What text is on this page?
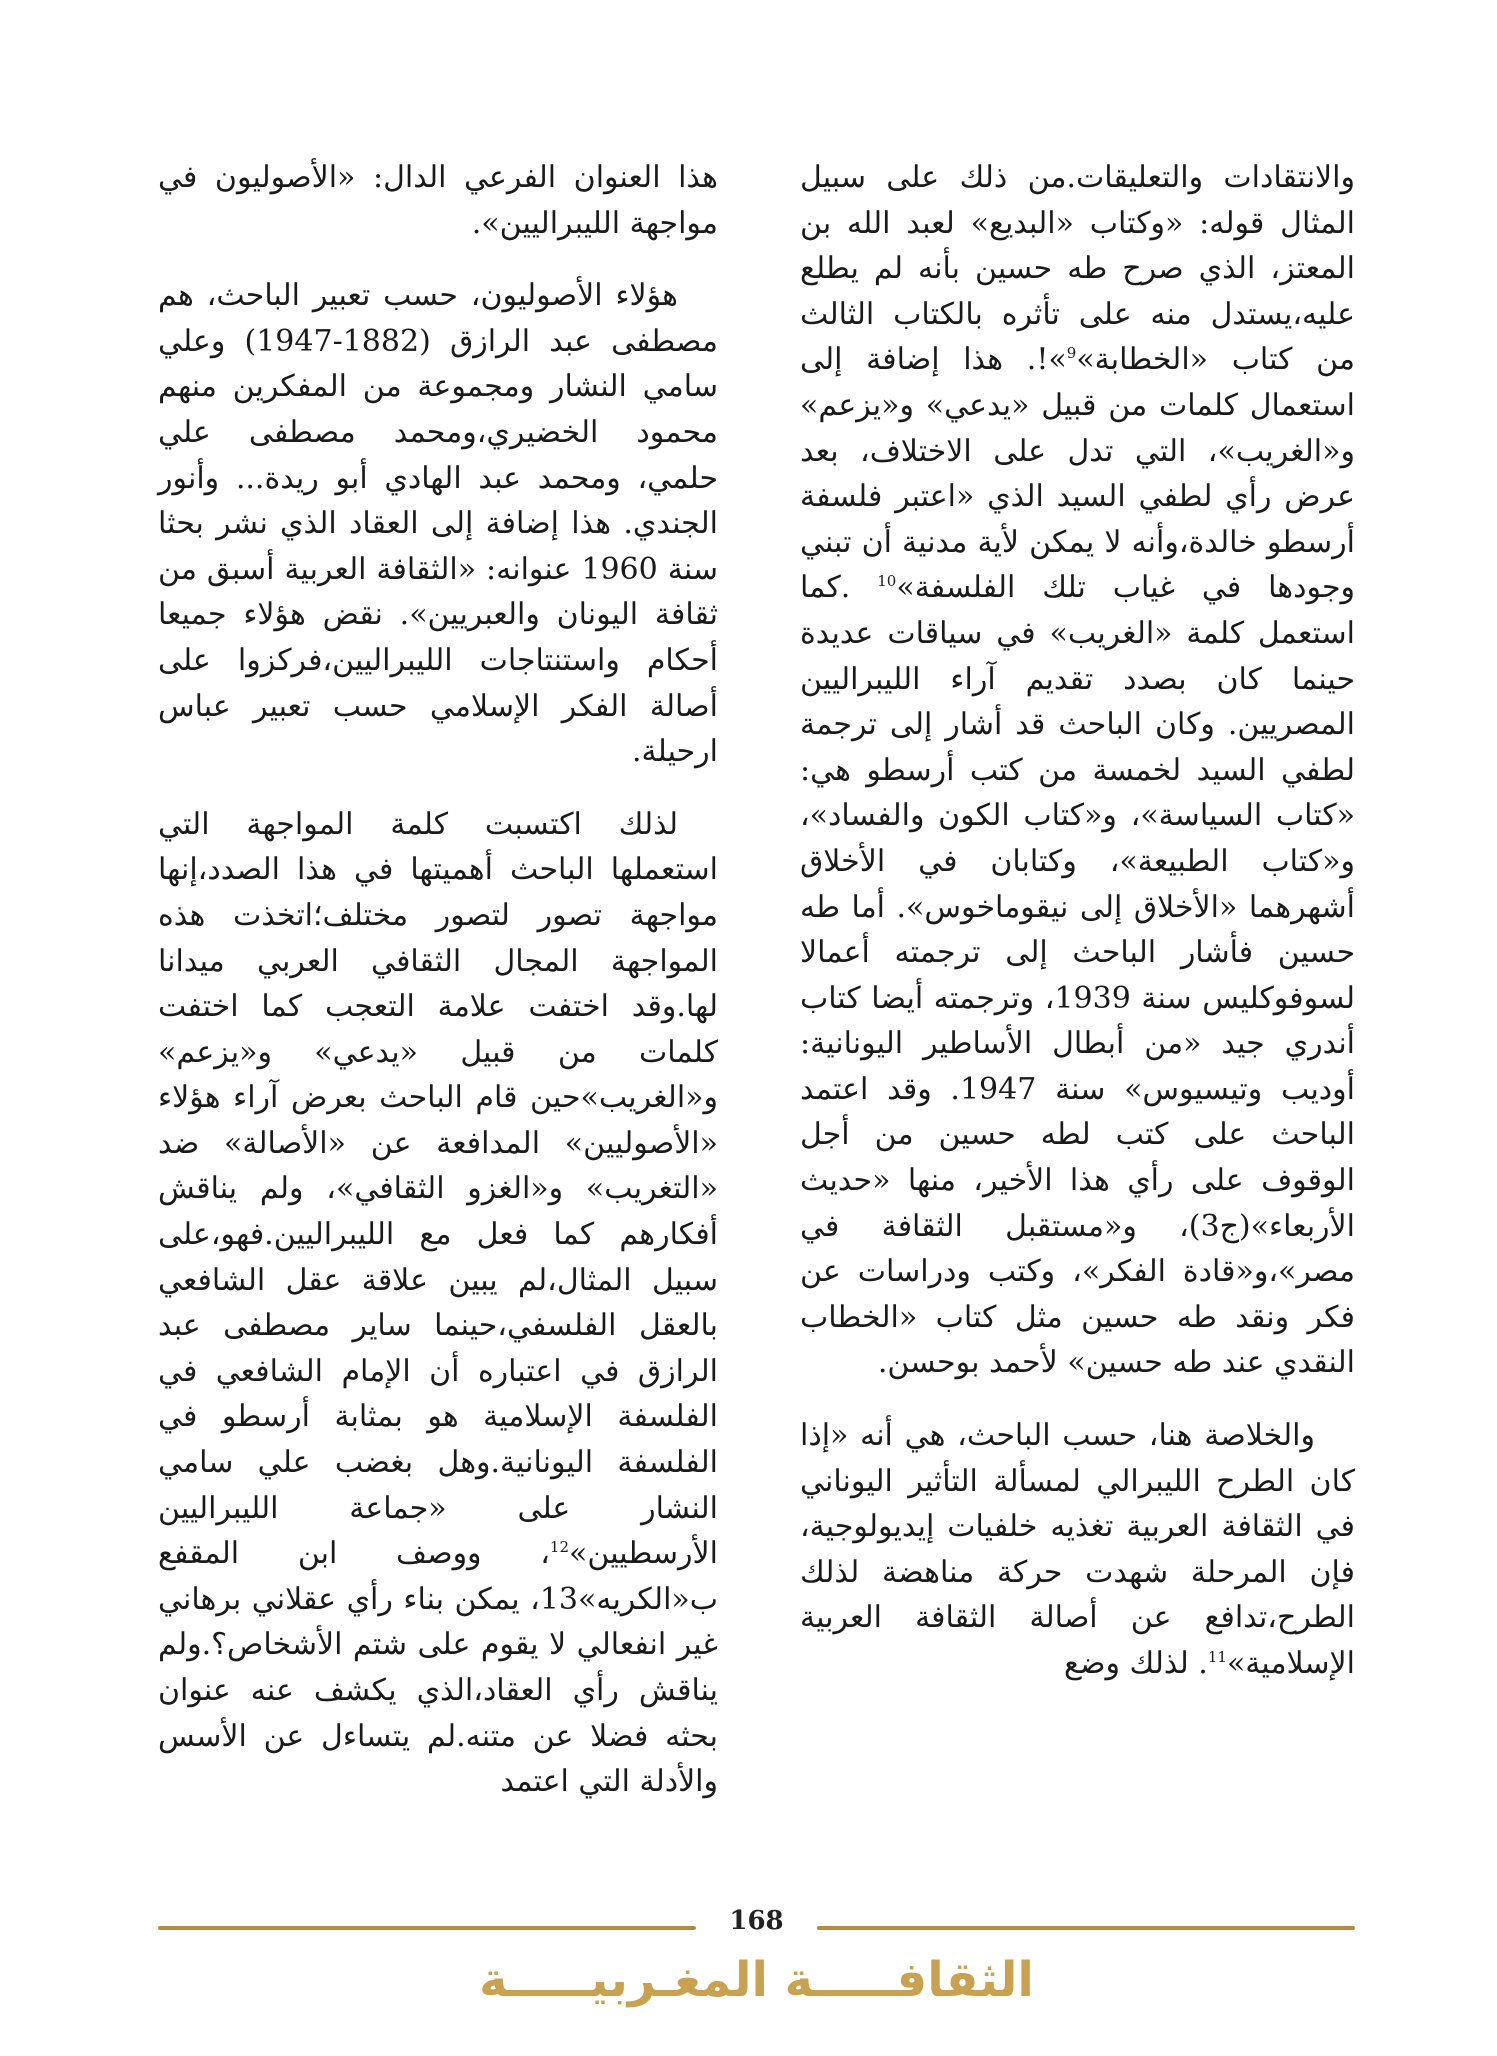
والانتقادات والتعليقات.من ذلك على سبيل المثال قوله: «وكتاب «البديع» لعبد الله بن المعتز، الذي صرح طه حسين بأنه لم يطلع عليه،يستدل منه على تأثره بالكتاب الثالث من كتاب «الخطابة»$^9$»!. هذا إضافة إلى استعمال كلمات من قبيل «يدعي» و«يزعم» و«الغريب»، التي تدل على الاختلاف، بعد عرض رأي لطفي السيد الذي «اعتبر فلسفة أرسطو خالدة،وأنه لا يمكن لأية مدنية أن تبني وجودها في غياب تلك الفلسفة»$^{10}$ .كما استعمل كلمة «الغريب» في سياقات عديدة حينما كان بصدد تقديم آراء الليبراليين المصريين. وكان الباحث قد أشار إلى ترجمة لطفي السيد لخمسة من كتب أرسطو هي: «كتاب السياسة»، و«كتاب الكون والفساد»، و«كتاب الطبيعة»، وكتابان في الأخلاق أشهرهما «الأخلاق إلى نيقوماخوس». أما طه حسين فأشار الباحث إلى ترجمته أعمالا لسوفوكليس سنة 1939، وترجمته أيضا كتاب أندري جيد «من أبطال الأساطير اليونانية: أوديب وتيسيوس» سنة 1947. وقد اعتمد الباحث على كتب لطه حسين من أجل الوقوف على رأي هذا الأخير، منها «حديث الأربعاء»(ج3)، و«مستقبل الثقافة في مصر»،و«قادة الفكر»، وكتب ودراسات عن فكر ونقد طه حسين مثل كتاب «الخطاب النقدي عند طه حسين» لأحمد بوحسن.

والخلاصة هنا، حسب الباحث، هي أنه «إذا كان الطرح الليبرالي لمسألة التأثير اليوناني في الثقافة العربية تغذيه خلفيات إيديولوجية، فإن المرحلة شهدت حركة مناهضة لذلك الطرح،تدافع عن أصالة الثقافة العربية الإسلامية»$^{11}$. لذلك وضع

هذا العنوان الفرعي الدال: «الأصوليون في مواجهة الليبراليين».

هؤلاء الأصوليون، حسب تعبير الباحث، هم مصطفى عبد الرازق (1882-1947) وعلي سامي النشار ومجموعة من المفكرين منهم محمود الخضيري،ومحمد مصطفى علي حلمي، ومحمد عبد الهادي أبو ريدة... وأنور الجندي. هذا إضافة إلى العقاد الذي نشر بحثا سنة 1960 عنوانه: «الثقافة العربية أسبق من ثقافة اليونان والعبريين». نقض هؤلاء جميعا أحكام واستنتاجات الليبراليين،فركزوا على أصالة الفكر الإسلامي حسب تعبير عباس ارحيلة.

لذلك اكتسبت كلمة المواجهة التي استعملها الباحث أهميتها في هذا الصدد،إنها مواجهة تصور لتصور مختلف؛اتخذت هذه المواجهة المجال الثقافي العربي ميدانا لها.وقد اختفت علامة التعجب كما اختفت كلمات من قبيل «يدعي» و«يزعم» و«الغريب»حين قام الباحث بعرض آراء هؤلاء «الأصوليين» المدافعة عن «الأصالة» ضد «التغريب» و«الغزو الثقافي»، ولم يناقش أفكارهم كما فعل مع الليبراليين.فهو،على سبيل المثال،لم يبين علاقة عقل الشافعي بالعقل الفلسفي،حينما ساير مصطفى عبد الرازق في اعتباره أن الإمام الشافعي في الفلسفة الإسلامية هو بمثابة أرسطو في الفلسفة اليونانية.وهل بغضب علي سامي النشار على «جماعة الليبراليين الأرسطيين»$^{12}$، ووصف ابن المقفع ب«الكريه»13، يمكن بناء رأي عقلاني برهاني غير انفعالي لا يقوم على شتم الأشخاص؟.ولم يناقش رأي العقاد،الذي يكشف عنه عنوان بحثه فضلا عن متنه.لم يتساءل عن الأسس والأدلة التي اعتمد

168
الثقافـــــة المغـربيـــــة
